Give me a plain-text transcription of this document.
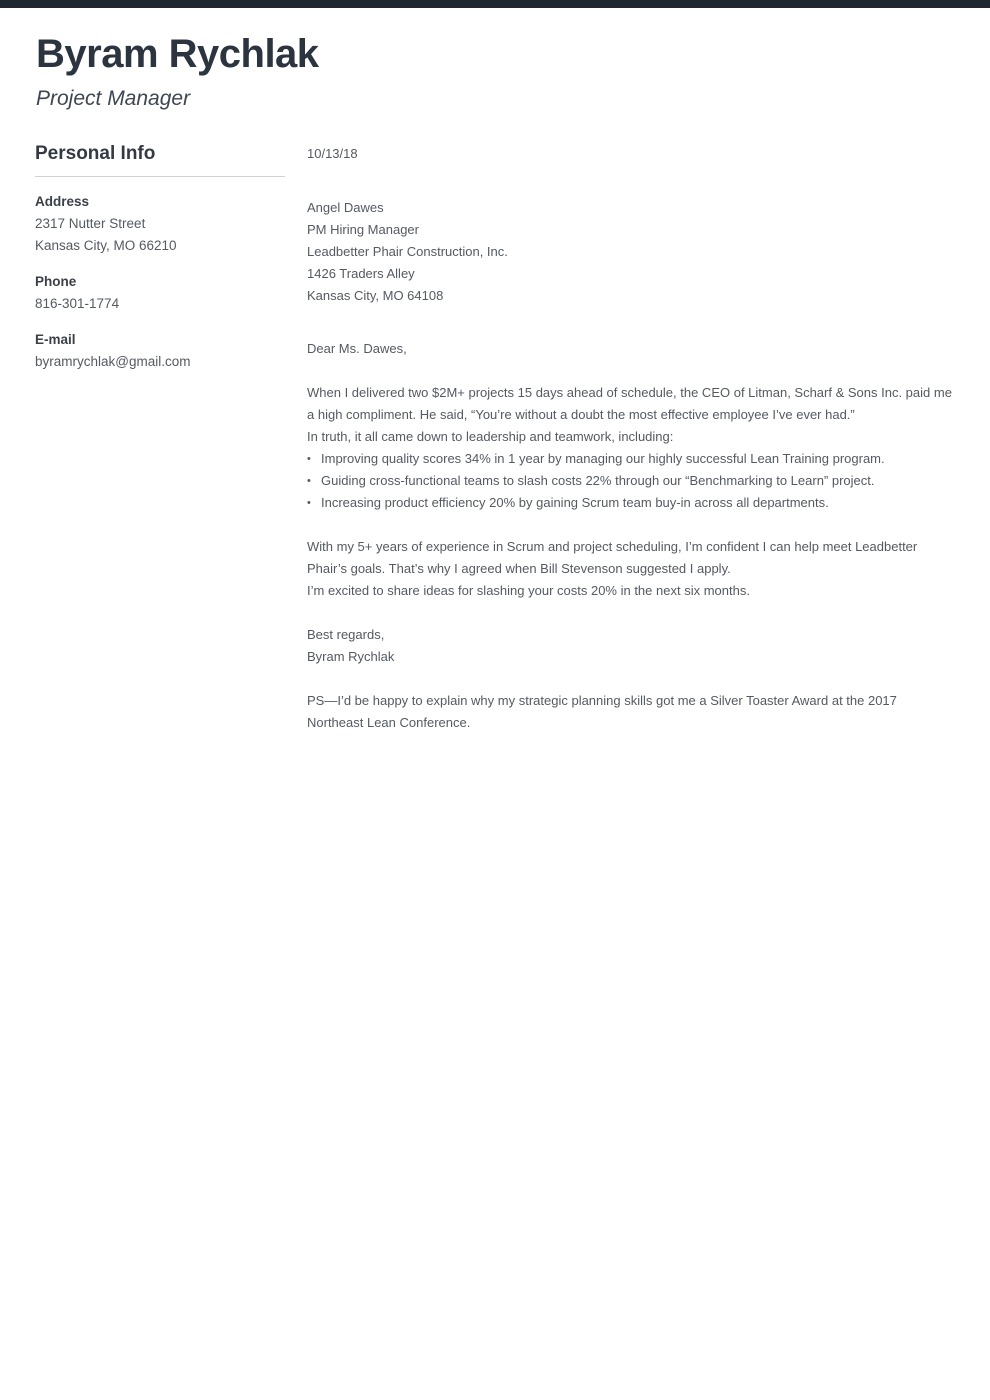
Byram Rychlak
Project Manager
Personal Info
Address
2317 Nutter Street
Kansas City, MO 66210
Phone
816-301-1774
E-mail
byramrychlak@gmail.com
10/13/18
Angel Dawes
PM Hiring Manager
Leadbetter Phair Construction, Inc.
1426 Traders Alley
Kansas City, MO 64108
Dear Ms. Dawes,
When I delivered two $2M+ projects 15 days ahead of schedule, the CEO of Litman, Scharf & Sons Inc. paid me
a high compliment. He said, “You’re without a doubt the most effective employee I’ve ever had.”
In truth, it all came down to leadership and teamwork, including:
• Improving quality scores 34% in 1 year by managing our highly successful Lean Training program.
• Guiding cross-functional teams to slash costs 22% through our “Benchmarking to Learn” project.
• Increasing product efficiency 20% by gaining Scrum team buy-in across all departments.
With my 5+ years of experience in Scrum and project scheduling, I’m confident I can help meet Leadbetter
Phair’s goals. That’s why I agreed when Bill Stevenson suggested I apply.
I’m excited to share ideas for slashing your costs 20% in the next six months.
Best regards,
Byram Rychlak
PS—I’d be happy to explain why my strategic planning skills got me a Silver Toaster Award at the 2017
Northeast Lean Conference.
